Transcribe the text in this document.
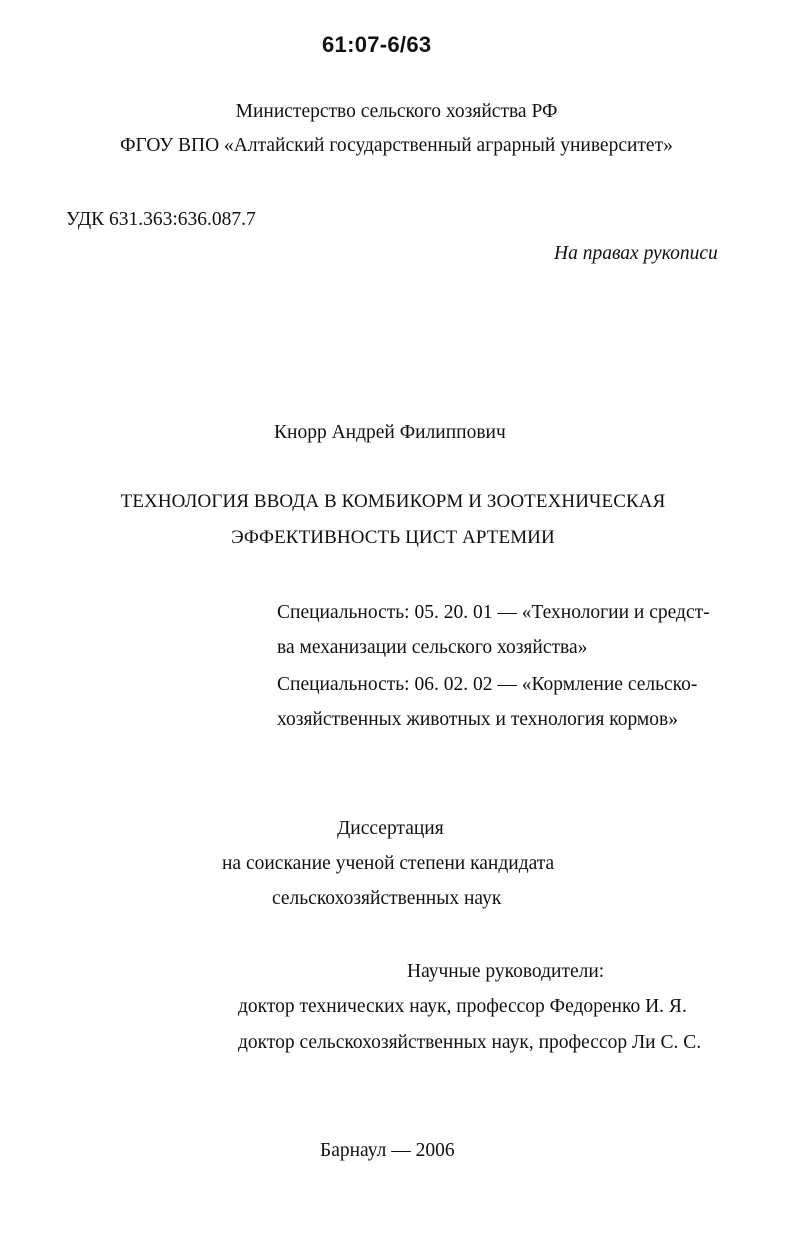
61:07-6/63
Министерство сельского хозяйства РФ
ФГОУ ВПО «Алтайский государственный аграрный университет»
УДК 631.363:636.087.7
На правах рукописи
Кнорр Андрей Филиппович
ТЕХНОЛОГИЯ ВВОДА В КОМБИКОРМ И ЗООТЕХНИЧЕСКАЯ
ЭФФЕКТИВНОСТЬ ЦИСТ АРТЕМИИ
Специальность: 05. 20. 01 — «Технологии и средст-
ва механизации сельского хозяйства»
Специальность: 06. 02. 02 — «Кормление сельско-
хозяйственных животных и технология кормов»
Диссертация
на соискание ученой степени кандидата
сельскохозяйственных наук
Научные руководители:
доктор технических наук, профессор Федоренко И. Я.
доктор сельскохозяйственных наук, профессор Ли С. С.
Барнаул — 2006
